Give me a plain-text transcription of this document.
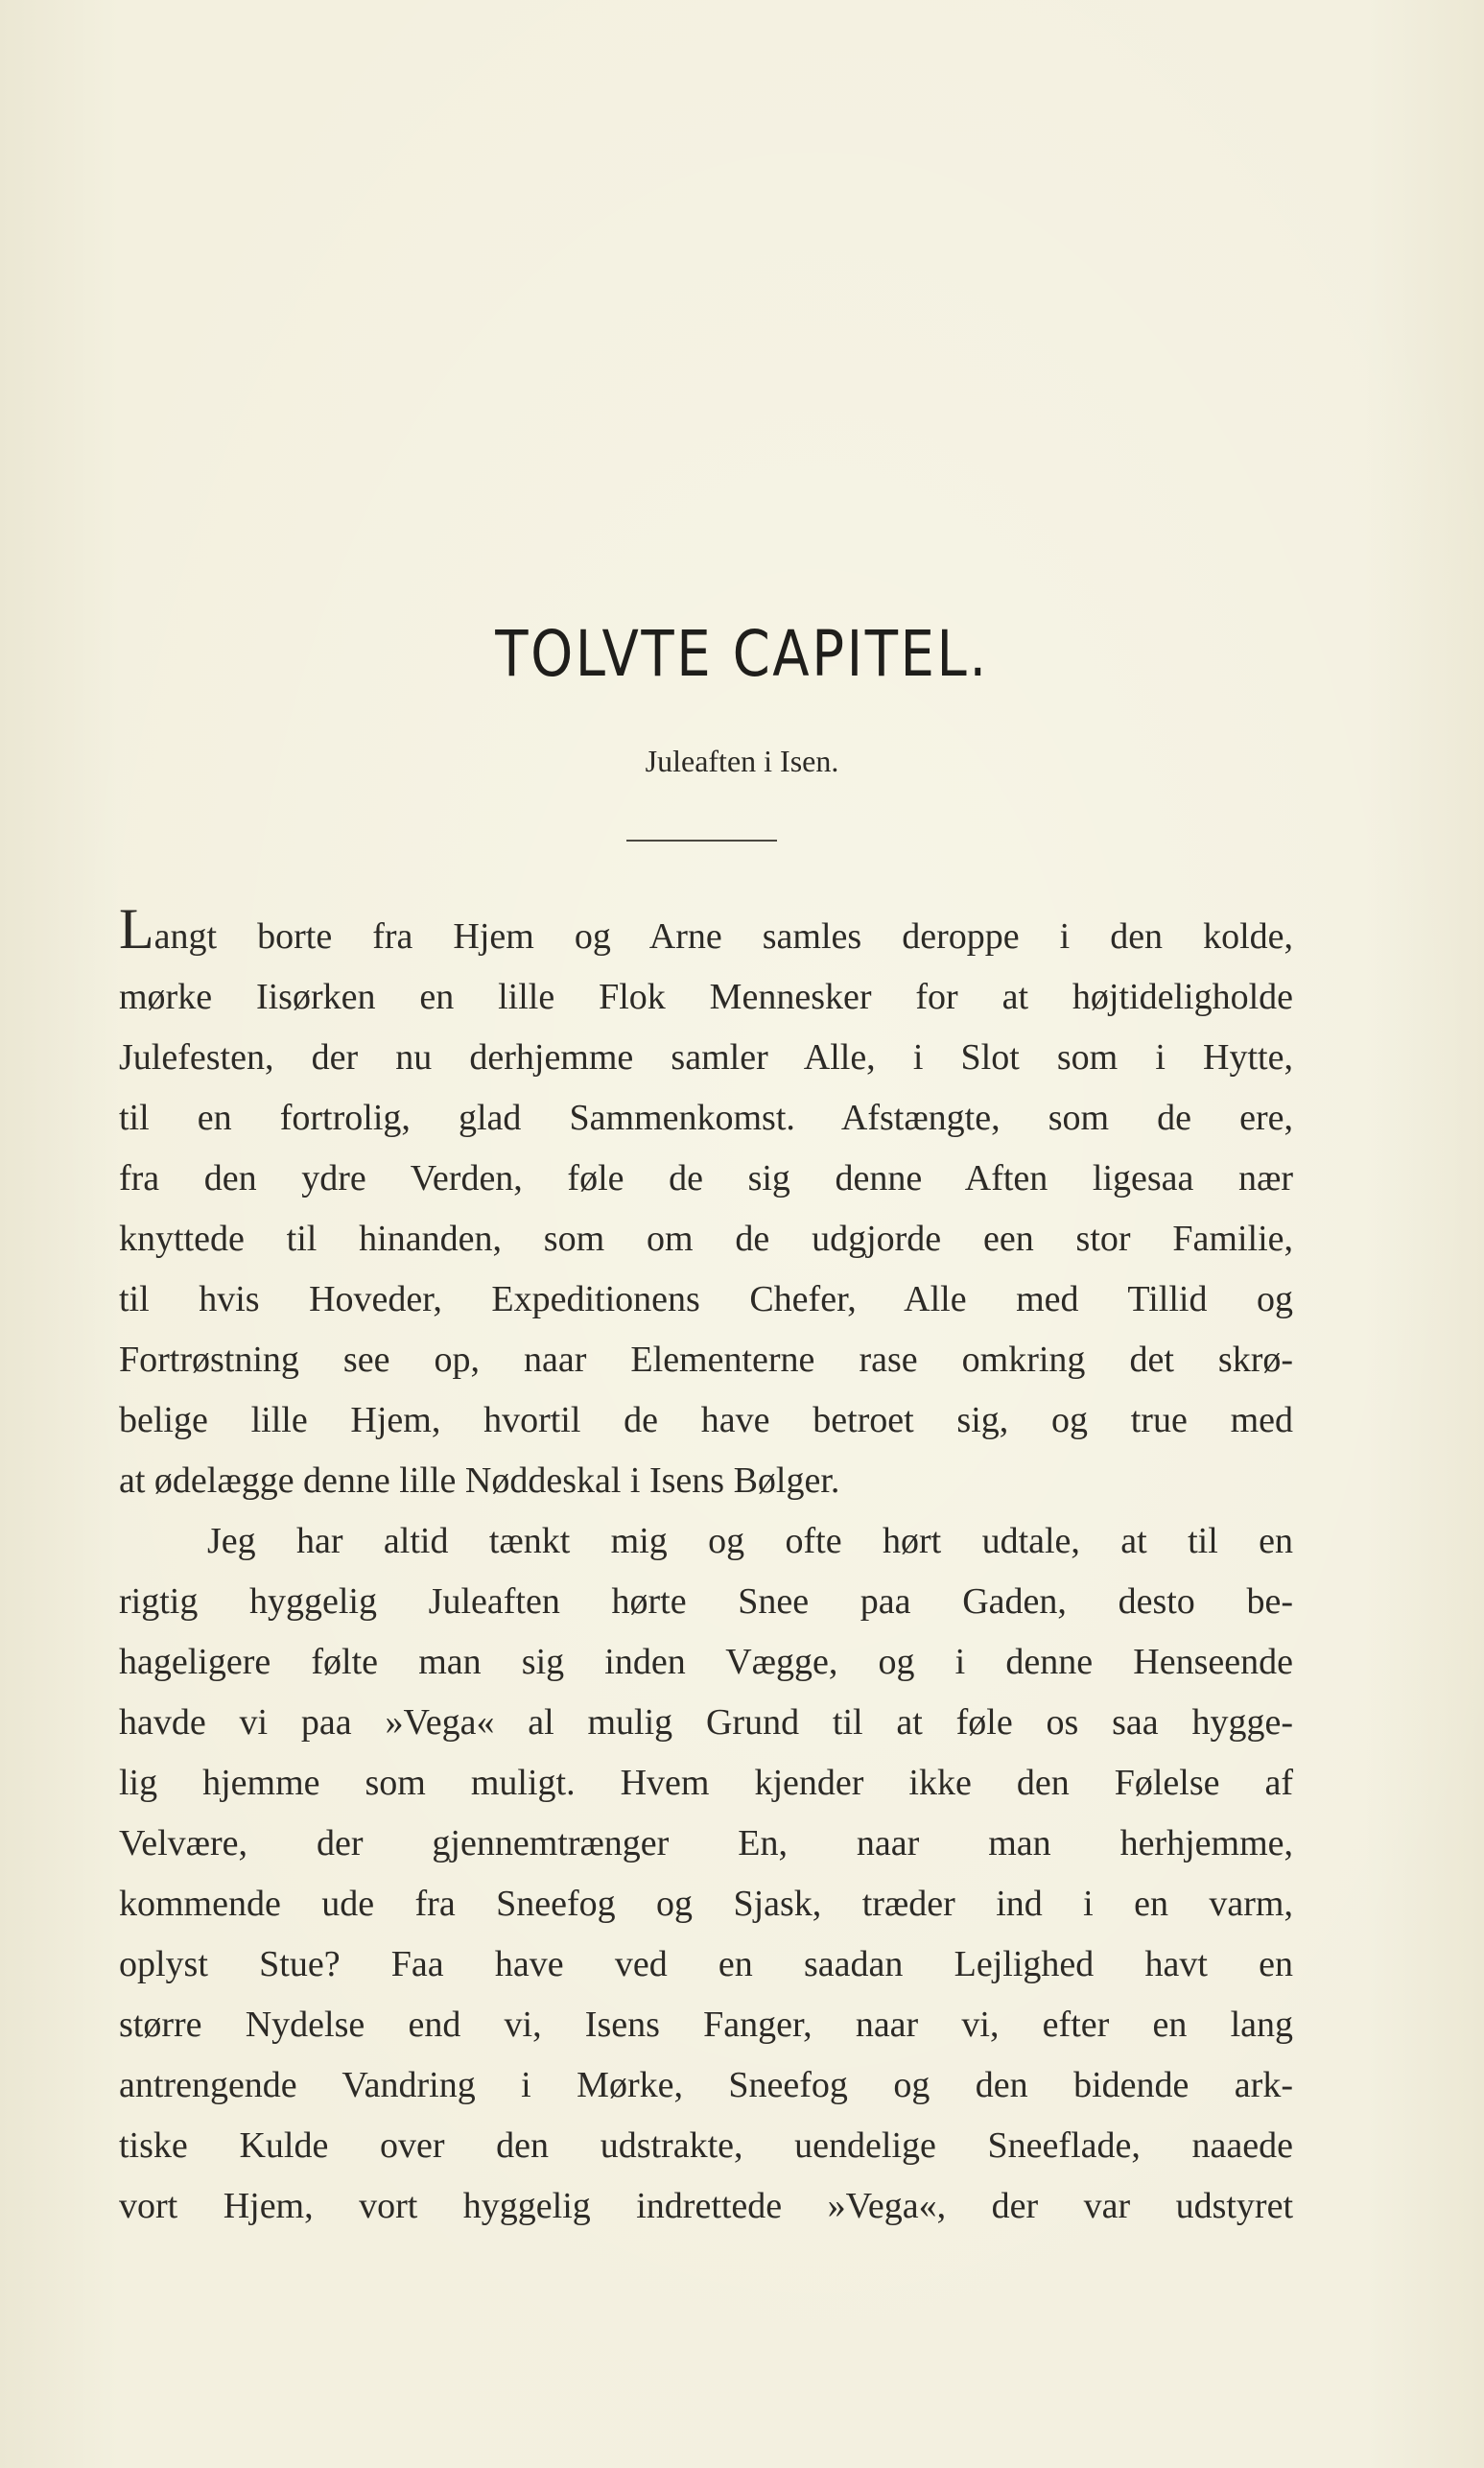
TOLVTE CAPITEL.
Juleaften i Isen.
Langt borte fra Hjem og Arne samles deroppe i den kolde,
mørke Iisørken en lille Flok Mennesker for at højtideligholde
Julefesten, der nu derhjemme samler Alle, i Slot som i Hytte,
til en fortrolig, glad Sammenkomst. Afstængte, som de ere,
fra den ydre Verden, føle de sig denne Aften ligesaa nær
knyttede til hinanden, som om de udgjorde een stor Familie,
til hvis Hoveder, Expeditionens Chefer, Alle med Tillid og
Fortrøstning see op, naar Elementerne rase omkring det skrø-
belige lille Hjem, hvortil de have betroet sig, og true med
at ødelægge denne lille Nøddeskal i Isens Bølger.
Jeg har altid tænkt mig og ofte hørt udtale, at til en
rigtig hyggelig Juleaften hørte Snee paa Gaden, desto be-
hageligere følte man sig inden Vægge, og i denne Henseende
havde vi paa »Vega« al mulig Grund til at føle os saa hygge-
lig hjemme som muligt. Hvem kjender ikke den Følelse af
Velvære, der gjennemtrænger En, naar man herhjemme,
kommende ude fra Sneefog og Sjask, træder ind i en varm,
oplyst Stue? Faa have ved en saadan Lejlighed havt en
større Nydelse end vi, Isens Fanger, naar vi, efter en lang
antrengende Vandring i Mørke, Sneefog og den bidende ark-
tiske Kulde over den udstrakte, uendelige Sneeflade, naaede
vort Hjem, vort hyggelig indrettede »Vega«, der var udstyret
